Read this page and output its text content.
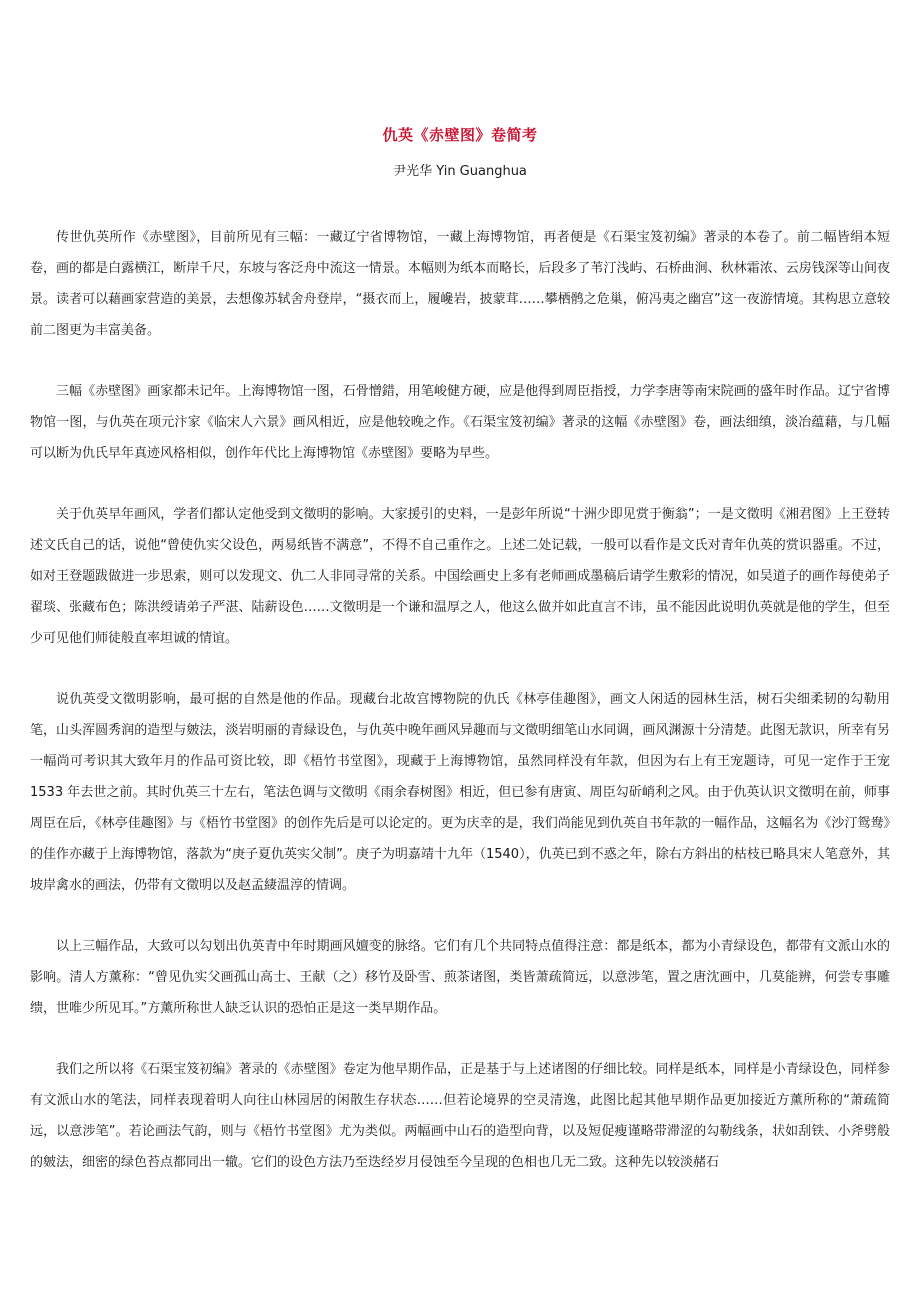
仇英《赤壁图》卷简考

尹光华 Yin Guanghua

传世仇英所作《赤壁图》，目前所见有三幅：一藏辽宁省博物馆，一藏上海博物馆，再者便是《石渠宝笈初编》著录的本卷了。前二幅皆绢本短卷，画的都是白露横江，断岸千尺，东坡与客泛舟中流这一情景。本幅则为纸本而略长，后段多了苇汀浅屿、石桥曲涧、秋林霜浓、云房钱深等山间夜景。读者可以藉画家营造的美景，去想像苏轼舍舟登岸，“摄衣而上，履巉岩，披蒙茸……攀栖鹘之危巢，俯冯夷之幽宫”这一夜游情境。其构思立意较前二图更为丰富美备。

三幅《赤壁图》画家都未记年。上海博物馆一图，石骨憎錯，用笔峻健方硬，应是他得到周臣指授，力学李唐等南宋院画的盛年时作品。辽宁省博物馆一图，与仇英在项元汴家《临宋人六景》画风相近，应是他较晚之作。《石渠宝笈初编》著录的这幅《赤壁图》卷，画法细缜，淡冶蕴藉，与几幅可以断为仇氏早年真迹风格相似，创作年代比上海博物馆《赤壁图》要略为早些。

关于仇英早年画风，学者们都认定他受到文徵明的影响。大家援引的史料，一是彭年所说“十洲少即见赏于衡翁”；一是文徵明《湘君图》上王登转述文氏自己的话，说他“曾使仇实父设色，两易纸皆不满意”，不得不自己重作之。上述二处记载，一般可以看作是文氏对青年仇英的赏识器重。不过，如对王登题跋做进一步思索，则可以发现文、仇二人非同寻常的关系。中国绘画史上多有老师画成墨稿后请学生敷彩的情况，如吴道子的画作每使弟子翟琰、张藏布色；陈洪绶请弟子严湛、陆薪设色……文徵明是一个谦和温厚之人，他这么做并如此直言不讳，虽不能因此说明仇英就是他的学生，但至少可见他们师徒般直率坦诚的情谊。

说仇英受文徵明影响，最可据的自然是他的作品。现藏台北故宫博物院的仇氏《林亭佳趣图》，画文人闲适的园林生活，树石尖细柔韧的勾勒用笔，山头浑圆秀润的造型与皴法，淡岩明丽的青緑设色，与仇英中晚年画风异趣而与文徵明细笔山水同调，画风渊源十分清楚。此图无款识，所幸有另一幅尚可考识其大致年月的作品可资比较，即《梧竹书堂图》，现藏于上海博物馆，虽然同样没有年款，但因为右上有王宠题诗，可见一定作于王宠 1533 年去世之前。其时仇英三十左右，笔法色调与文徵明《雨余春树图》相近，但已参有唐寅、周臣勾斫峭利之风。由于仇英认识文徵明在前，师事周臣在后，《林亭佳趣图》与《梧竹书堂图》的创作先后是可以论定的。更为庆幸的是，我们尚能见到仇英自书年款的一幅作品，这幅名为《沙汀鸳鸯》的佳作亦藏于上海博物馆，落款为“庚子夏仇英实父制”。庚子为明嘉靖十九年（1540），仇英已到不惑之年，除右方斜出的枯枝已略具宋人笔意外，其坡岸禽水的画法，仍带有文徵明以及赵孟緀温淳的情调。

以上三幅作品，大致可以勾划出仇英青中年时期画风嬗变的脉络。它们有几个共同特点值得注意：都是纸本，都为小青绿设色，都带有文派山水的影响。清人方薰称：“曾见仇实父画孤山高士、王献（之）移竹及卧雪、煎茶诸图，类皆萧疏简远，以意涉笔，置之唐沈画中，几莫能辨，何尝专事雕缋，世唯少所见耳。”方薰所称世人缺乏认识的恐怕正是这一类早期作品。

我们之所以将《石渠宝笈初编》著录的《赤壁图》卷定为他早期作品，正是基于与上述诸图的仔细比较。同样是纸本，同样是小青绿设色，同样参有文派山水的笔法，同样表现着明人向往山林园居的闲散生存状态……但若论境界的空灵清逸，此图比起其他早期作品更加接近方薰所称的“萧疏简远，以意涉笔”。若论画法气韵，则与《梧竹书堂图》尤为类似。两幅画中山石的造型向背，以及短促瘦谨略带滞涩的勾勒线条，状如刮铁、小斧劈般的皴法，细密的绿色苔点都同出一辙。它们的设色方法乃至迭经岁月侵蚀至今呈现的色相也几无二致。这种先以较淡赭石
